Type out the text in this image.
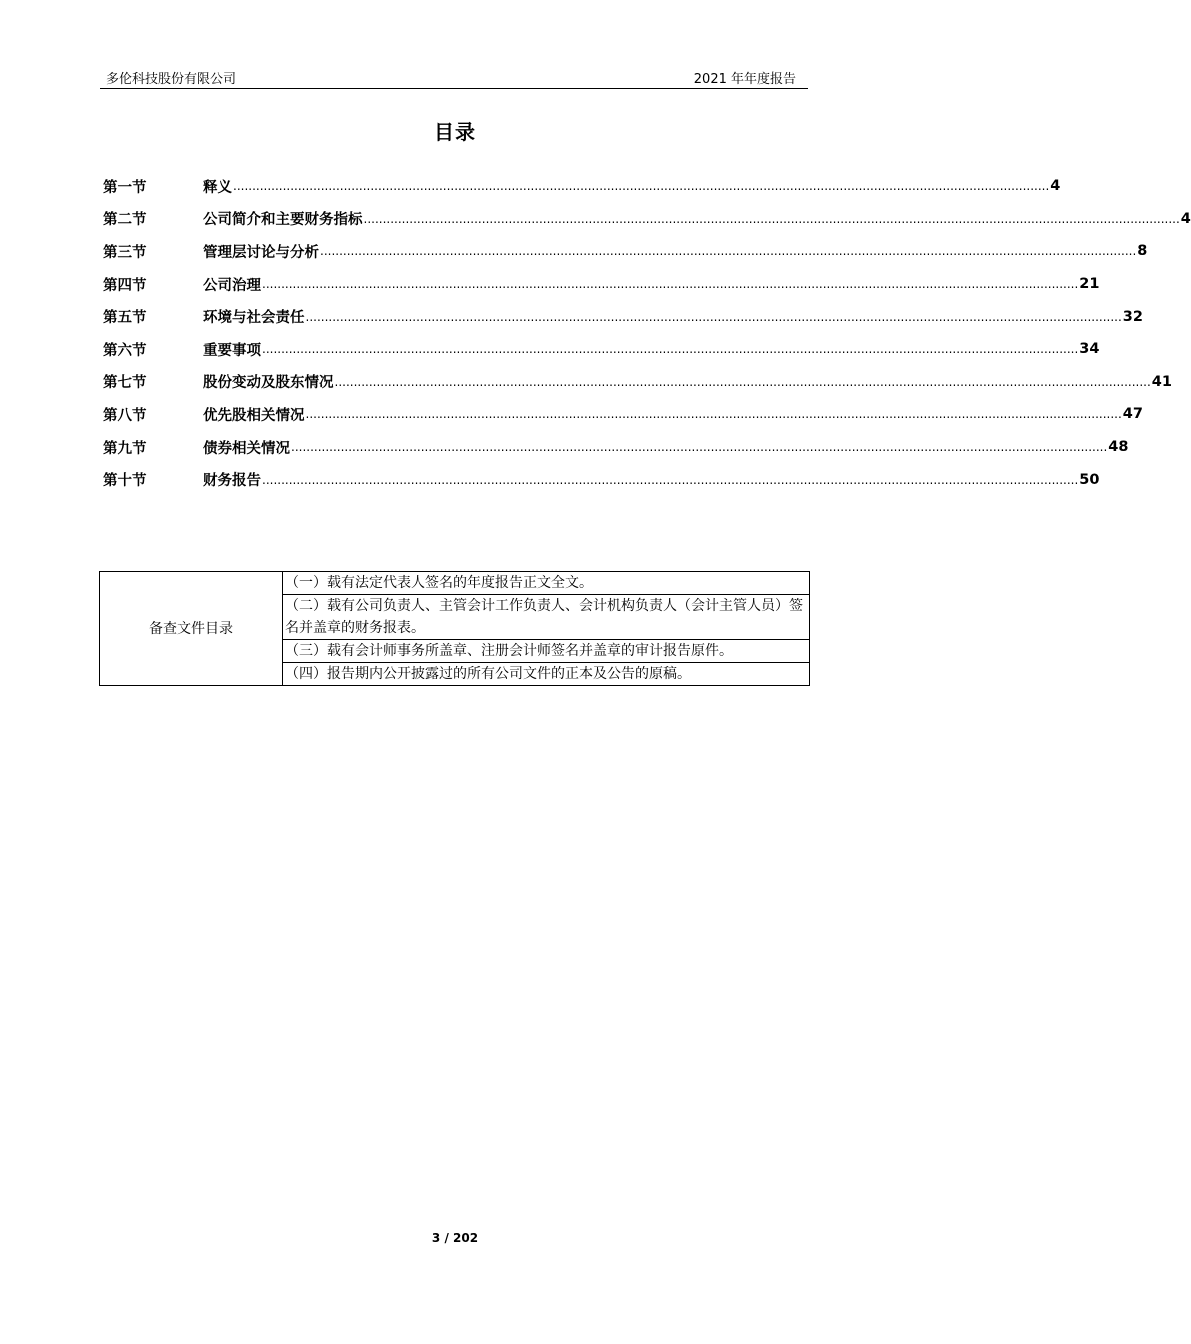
多伦科技股份有限公司	2021 年年度报告
目录
第一节	释义 ...................................................................................................................................................................................................................... 4
第二节	公司简介和主要财务指标 ...................................................................................................................................................................................................................... 4
第三节	管理层讨论与分析 ...................................................................................................................................................................................................................... 8
第四节	公司治理 ...................................................................................................................................................................................................................... 21
第五节	环境与社会责任 ...................................................................................................................................................................................................................... 32
第六节	重要事项 ...................................................................................................................................................................................................................... 34
第七节	股份变动及股东情况 ...................................................................................................................................................................................................................... 41
第八节	优先股相关情况 ...................................................................................................................................................................................................................... 47
第九节	债券相关情况 ...................................................................................................................................................................................................................... 48
第十节	财务报告 ...................................................................................................................................................................................................................... 50
备查文件目录	（一）载有法定代表人签名的年度报告正文全文。
（二）载有公司负责人、主管会计工作负责人、会计机构负责人（会计主管人员）签名并盖章的财务报表。
（三）载有会计师事务所盖章、注册会计师签名并盖章的审计报告原件。
（四）报告期内公开披露过的所有公司文件的正本及公告的原稿。
3 / 202
